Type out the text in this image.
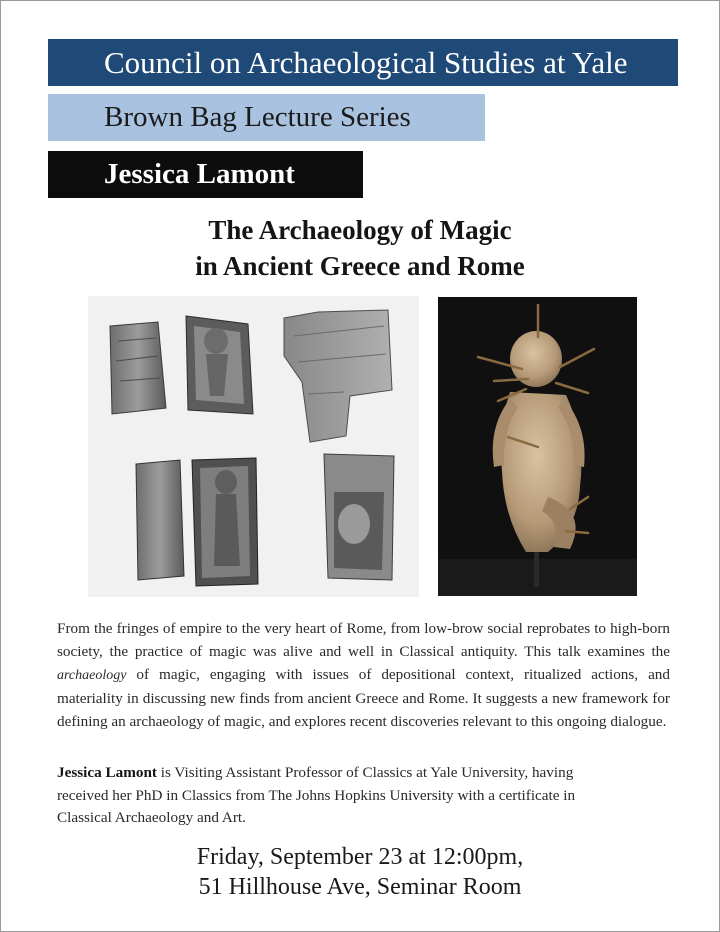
Council on Archaeological Studies at Yale
Brown Bag Lecture Series
Jessica Lamont
The Archaeology of Magic
in Ancient Greece and Rome
From the fringes of empire to the very heart of Rome, from low-brow social reprobates to high-born society, the practice of magic was alive and well in Classical antiquity. This talk examines the archaeology of magic, engaging with issues of depositional context, ritualized actions, and materiality in discussing new finds from ancient Greece and Rome. It suggests a new framework for defining an archaeology of magic, and explores recent discoveries relevant to this ongoing dialogue.
Jessica Lamont is Visiting Assistant Professor of Classics at Yale University, having
received her PhD in Classics from The Johns Hopkins University with a certificate in
Classical Archaeology and Art.
Friday, September 23 at 12:00pm,
51 Hillhouse Ave, Seminar Room
